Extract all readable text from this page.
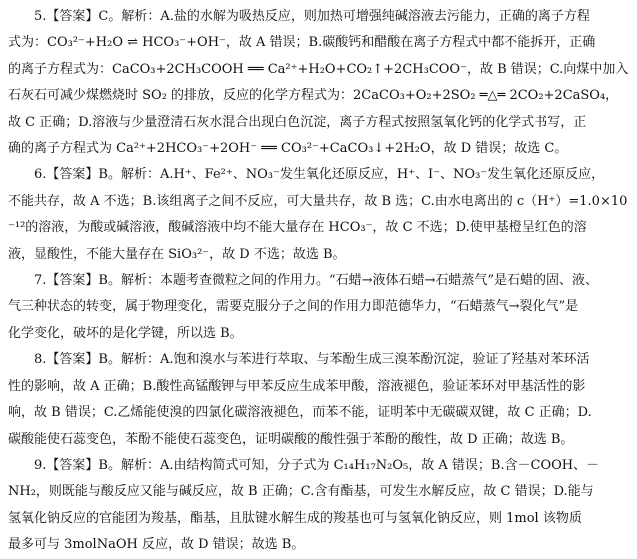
5.【答案】C。解析：A.盐的水解为吸热反应，则加热可增强纯碱溶液去污能力，正确的离子方程
式为：CO₃²⁻+H₂O ⇌ HCO₃⁻+OH⁻，故 A 错误；B.碳酸钙和醋酸在离子方程式中都不能拆开，正确
的离子方程式为：CaCO₃+2CH₃COOH ══ Ca²⁺+H₂O+CO₂↑+2CH₃COO⁻，故 B 错误；C.向煤中加入
石灰石可减少煤燃烧时 SO₂ 的排放，反应的化学方程式为：2CaCO₃+O₂+2SO₂ ═△═ 2CO₂+2CaSO₄，
故 C 正确；D.溶液与少量澄清石灰水混合出现白色沉淀，离子方程式按照氢氧化钙的化学式书写，正
确的离子方程式为 Ca²⁺+2HCO₃⁻+2OH⁻ ══ CO₃²⁻+CaCO₃↓+2H₂O，故 D 错误；故选 C。
6.【答案】B。解析：A.H⁺、Fe²⁺、NO₃⁻发生氧化还原反应，H⁺、I⁻、NO₃⁻发生氧化还原反应，
不能共存，故 A 不选；B.该组离子之间不反应，可大量共存，故 B 选；C.由水电离出的 c（H⁺）=1.0×10
⁻¹²的溶液，为酸或碱溶液，酸碱溶液中均不能大量存在 HCO₃⁻，故 C 不选；D.使甲基橙呈红色的溶
液，显酸性，不能大量存在 SiO₃²⁻，故 D 不选；故选 B。
7.【答案】B。解析：本题考查微粒之间的作用力。“石蜡→液体石蜡→石蜡蒸气”是石蜡的固、液、
气三种状态的转变，属于物理变化，需要克服分子之间的作用力即范德华力，“石蜡蒸气→裂化气”是
化学变化，破坏的是化学键，所以选 B。
8.【答案】B。解析：A.饱和溴水与苯进行萃取、与苯酚生成三溴苯酚沉淀，验证了羟基对苯环活
性的影响，故 A 正确；B.酸性高锰酸钾与甲苯反应生成苯甲酸，溶液褪色，验证苯环对甲基活性的影
响，故 B 错误；C.乙烯能使溴的四氯化碳溶液褪色，而苯不能，证明苯中无碳碳双键，故 C 正确；D.
碳酸能使石蕊变色，苯酚不能使石蕊变色，证明碳酸的酸性强于苯酚的酸性，故 D 正确；故选 B。
9.【答案】B。解析：A.由结构简式可知，分子式为 C₁₄H₁₇N₂O₅，故 A 错误；B.含－COOH、－
NH₂，则既能与酸反应又能与碱反应，故 B 正确；C.含有酯基，可发生水解反应，故 C 错误；D.能与
氢氧化钠反应的官能团为羧基，酯基，且肽键水解生成的羧基也可与氢氧化钠反应，则 1mol 该物质
最多可与 3molNaOH 反应，故 D 错误；故选 B。
